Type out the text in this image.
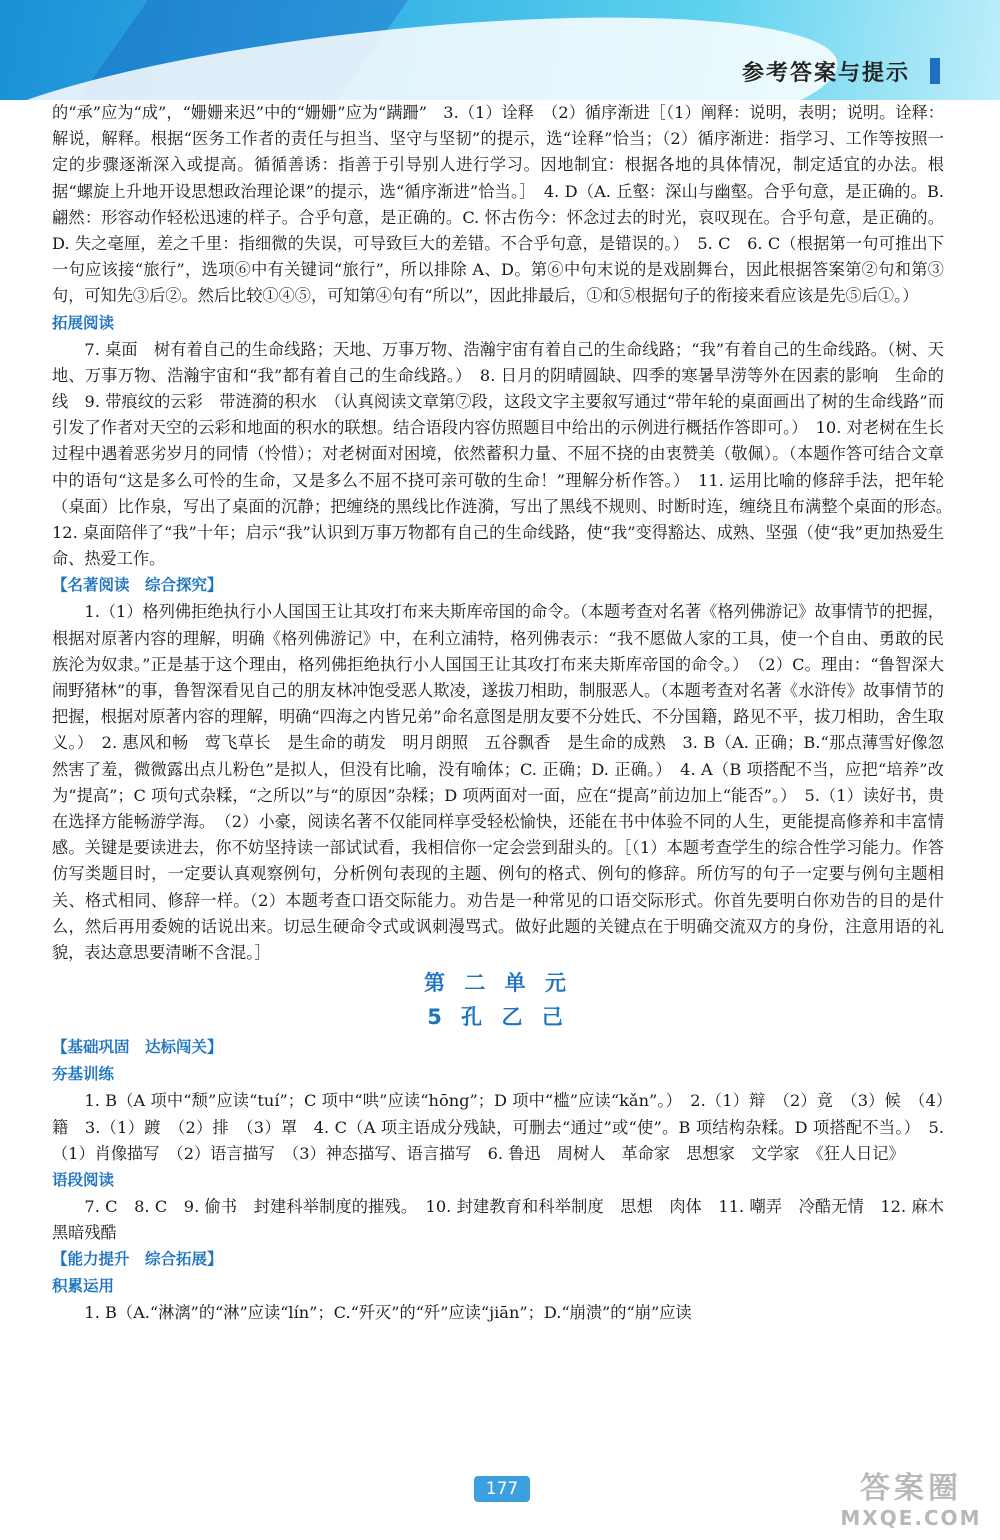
参考答案与提示

的“承”应为“成”，“姗姗来迟”中的“姗姗”应为“蹒跚”　3.（1）诠释　（2）循序渐进［（1）阐释：说明，表明；说明。诠释：解说，解释。根据“医务工作者的责任与担当、坚守与坚韧”的提示，选“诠释”恰当；（2）循序渐进：指学习、工作等按照一定的步骤逐渐深入或提高。循循善诱：指善于引导别人进行学习。因地制宜：根据各地的具体情况，制定适宜的办法。根据“螺旋上升地开设思想政治理论课”的提示，选“循序渐进”恰当。］　4. D（A. 丘壑：深山与幽壑。合乎句意，是正确的。B. 翩然：形容动作轻松迅速的样子。合乎句意，是正确的。C. 怀古伤今：怀念过去的时光，哀叹现在。合乎句意，是正确的。D. 失之毫厘，差之千里：指细微的失误，可导致巨大的差错。不合乎句意，是错误的。）　5. C　6. C（根据第一句可推出下一句应该接“旅行”，选项⑥中有关键词“旅行”，所以排除 A、D。第⑥中句末说的是戏剧舞台，因此根据答案第②句和第③句，可知先③后②。然后比较①④⑤，可知第④句有“所以”，因此排最后，①和⑤根据句子的衔接来看应该是先⑤后①。）

拓展阅读

7. 桌面　树有着自己的生命线路；天地、万事万物、浩瀚宇宙有着自己的生命线路；“我”有着自己的生命线路。（树、天地、万事万物、浩瀚宇宙和“我”都有着自己的生命线路。）　8. 日月的阴晴圆缺、四季的寒暑旱涝等外在因素的影响　生命的线　9. 带痕纹的云彩　带涟漪的积水　（认真阅读文章第⑦段，这段文字主要叙写通过“带年轮的桌面画出了树的生命线路”而引发了作者对天空的云彩和地面的积水的联想。结合语段内容仿照题目中给出的示例进行概括作答即可。）　10. 对老树在生长过程中遇着恶劣岁月的同情（怜惜）；对老树面对困境，依然蓄积力量、不屈不挠的由衷赞美（敬佩）。（本题作答可结合文章中的语句“这是多么可怜的生命，又是多么不屈不挠可亲可敬的生命！”理解分析作答。）　11. 运用比喻的修辞手法，把年轮（桌面）比作泉，写出了桌面的沉静；把缠绕的黑线比作涟漪，写出了黑线不规则、时断时连，缠绕且布满整个桌面的形态。　12. 桌面陪伴了“我”十年；启示“我”认识到万事万物都有自己的生命线路，使“我”变得豁达、成熟、坚强（使“我”更加热爱生命、热爱工作。

【名著阅读　综合探究】

1.（1）格列佛拒绝执行小人国国王让其攻打布来夫斯库帝国的命令。（本题考查对名著《格列佛游记》故事情节的把握，根据对原著内容的理解，明确《格列佛游记》中，在利立浦特，格列佛表示：“我不愿做人家的工具，使一个自由、勇敢的民族沦为奴隶。”正是基于这个理由，格列佛拒绝执行小人国国王让其攻打布来夫斯库帝国的命令。）　（2）C。理由：“鲁智深大闹野猪林”的事，鲁智深看见自己的朋友林冲饱受恶人欺凌，遂拔刀相助，制服恶人。（本题考查对名著《水浒传》故事情节的把握，根据对原著内容的理解，明确“四海之内皆兄弟”命名意图是朋友要不分姓氏、不分国籍，路见不平，拔刀相助，舍生取义。）　2. 惠风和畅　莺飞草长　是生命的萌发　明月朗照　五谷飘香　是生命的成熟　3. B（A. 正确；B.“那点薄雪好像忽然害了羞，微微露出点儿粉色”是拟人，但没有比喻，没有喻体；C. 正确；D. 正确。）　4. A（B 项搭配不当，应把“培养”改为“提高”；C 项句式杂糅，“之所以”与“的原因”杂糅；D 项两面对一面，应在“提高”前边加上“能否”。）　5.（1）读好书，贵在选择方能畅游学海。　（2）小豪，阅读名著不仅能同样享受轻松愉快，还能在书中体验不同的人生，更能提高修养和丰富情感。关键是要读进去，你不妨坚持读一部试试看，我相信你一定会尝到甜头的。［（1）本题考查学生的综合性学习能力。作答仿写类题目时，一定要认真观察例句，分析例句表现的主题、例句的格式、例句的修辞。所仿写的句子一定要与例句主题相关、格式相同、修辞一样。（2）本题考查口语交际能力。劝告是一种常见的口语交际形式。你首先要明白你劝告的目的是什么，然后再用委婉的话说出来。切忌生硬命令式或讽刺漫骂式。做好此题的关键点在于明确交流双方的身份，注意用语的礼貌，表达意思要清晰不含混。］

第 二 单 元
5 孔 乙 己
【基础巩固　达标闯关】
夯基训练

1. B（A 项中“颓”应读“tuí”；C 项中“哄”应读“hōng”；D 项中“槛”应读“kǎn”。）　2.（1）辩　（2）竟　（3）候　（4）籍　3.（1）踱　（2）排　（3）罩　4. C（A 项主语成分残缺，可删去“通过”或“使”。B 项结构杂糅。D 项搭配不当。）　5.（1）肖像描写　（2）语言描写　（3）神态描写、语言描写　6. 鲁迅　周树人　革命家　思想家　文学家　《狂人日记》

语段阅读

7. C　8. C　9. 偷书　封建科举制度的摧残。　10. 封建教育和科举制度　思想　肉体　11. 嘲弄　冷酷无情　12. 麻木　黑暗残酷

【能力提升　综合拓展】
积累运用

1. B（A.“淋漓”的“淋”应读“lín”；C.“歼灭”的“歼”应读“jiān”；D.“崩溃”的“崩”应读

177	答案圈
MXQE.COM
